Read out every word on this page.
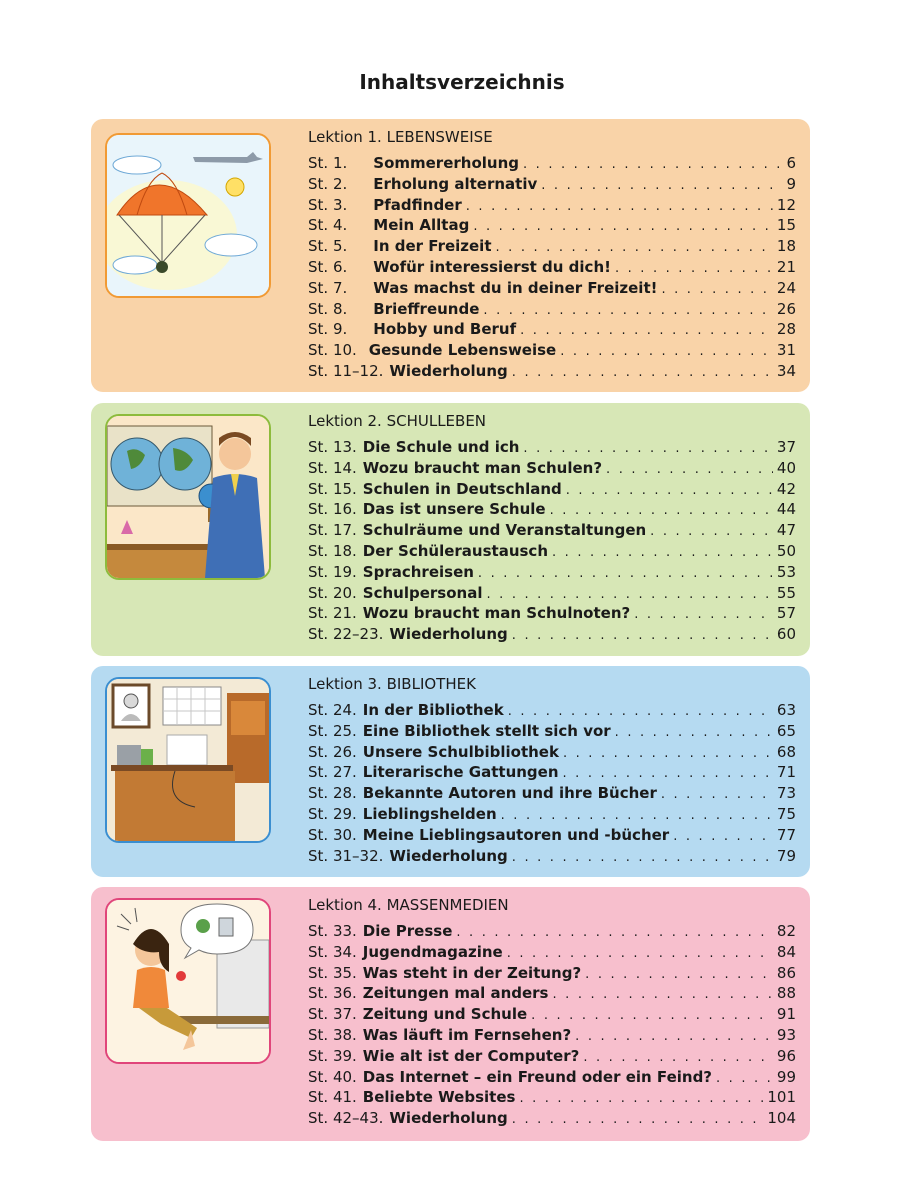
Inhaltsverzeichnis
Lektion 1. LEBENSWEISE
St. 1.	Sommererholung . . .	6
St. 2.	Erholung alternativ . . .	9
St. 3.	Pfadfinder . . .	12
St. 4.	Mein Alltag . . .	15
St. 5.	In der Freizeit . . .	18
St. 6.	Wofür interessierst du dich! . . .	21
St. 7.	Was machst du in deiner Freizeit! . . .	24
St. 8.	Brieffreunde . . .	26
St. 9.	Hobby und Beruf . . .	28
St. 10. Gesunde Lebensweise . . .	31
St. 11–12. Wiederholung . . .	34
Lektion 2. SCHULLEBEN
St. 13. Die Schule und ich . . .	37
St. 14. Wozu braucht man Schulen? . . .	40
St. 15. Schulen in Deutschland . . .	42
St. 16. Das ist unsere Schule . . .	44
St. 17. Schulräume und Veranstaltungen . . .	47
St. 18. Der Schüleraustausch . . .	50
St. 19. Sprachreisen . . .	53
St. 20. Schulpersonal . . .	55
St. 21. Wozu braucht man Schulnoten? . . .	57
St. 22–23. Wiederholung . . .	60
Lektion 3. BIBLIOTHEK
St. 24. In der Bibliothek . . .	63
St. 25. Eine Bibliothek stellt sich vor . . .	65
St. 26. Unsere Schulbibliothek . . .	68
St. 27. Literarische Gattungen . . .	71
St. 28. Bekannte Autoren und ihre Bücher . . .	73
St. 29. Lieblingshelden . . .	75
St. 30. Meine Lieblingsautoren und -bücher . . .	77
St. 31–32. Wiederholung . . .	79
Lektion 4. MASSENMEDIEN
St. 33. Die Presse . . .	82
St. 34. Jugendmagazine . . .	84
St. 35. Was steht in der Zeitung? . . .	86
St. 36. Zeitungen mal anders . . .	88
St. 37. Zeitung und Schule . . .	91
St. 38. Was läuft im Fernsehen? . . .	93
St. 39. Wie alt ist der Computer? . . .	96
St. 40. Das Internet – ein Freund oder ein Feind? . . .	99
St. 41. Beliebte Websites . . .	101
St. 42–43. Wiederholung . . .	104
